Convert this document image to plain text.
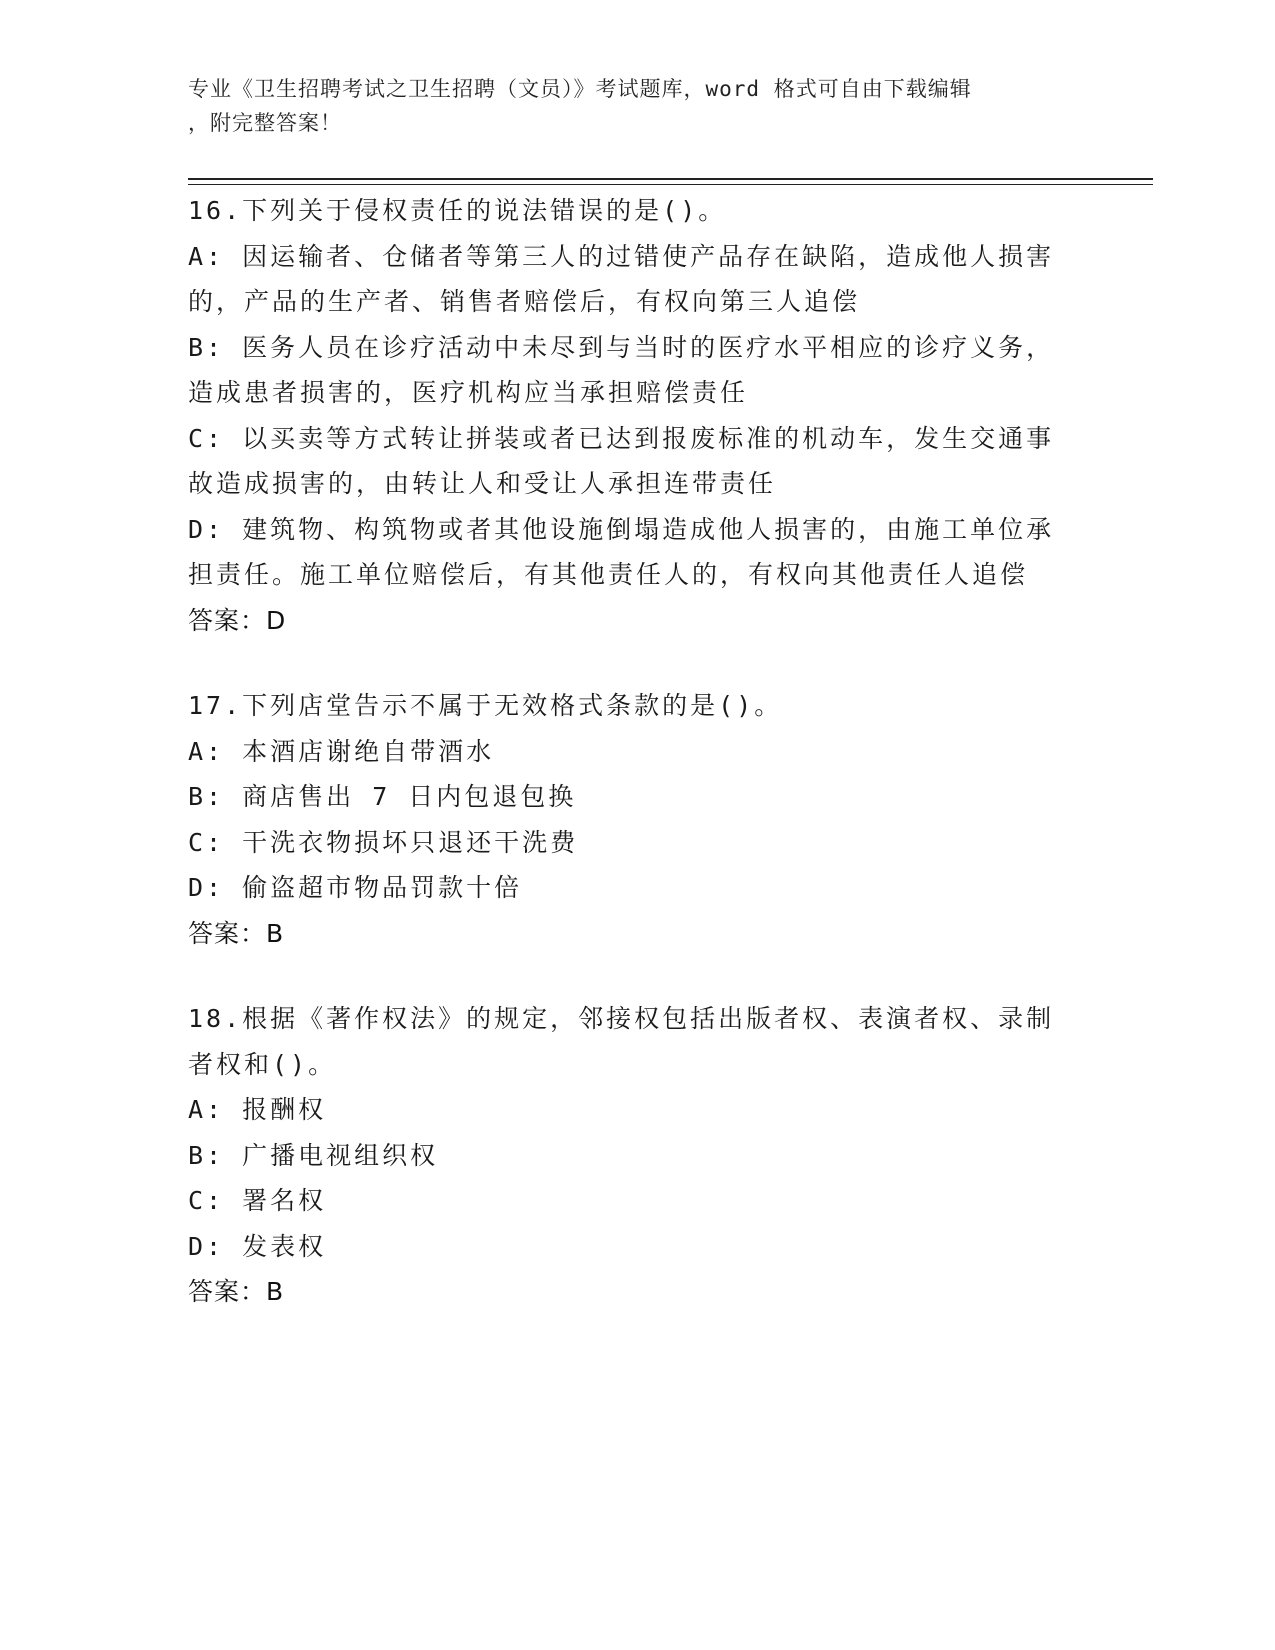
专业《卫生招聘考试之卫生招聘（文员）》考试题库，word 格式可自由下载编辑
，附完整答案！

16.下列关于侵权责任的说法错误的是()。

A: 因运输者、仓储者等第三人的过错使产品存在缺陷，造成他人损害的，产品的生产者、销售者赔偿后，有权向第三人追偿

B: 医务人员在诊疗活动中未尽到与当时的医疗水平相应的诊疗义务，造成患者损害的，医疗机构应当承担赔偿责任

C: 以买卖等方式转让拼装或者已达到报废标准的机动车，发生交通事故造成损害的，由转让人和受让人承担连带责任

D: 建筑物、构筑物或者其他设施倒塌造成他人损害的，由施工单位承担责任。施工单位赔偿后，有其他责任人的，有权向其他责任人追偿

答案：D

17.下列店堂告示不属于无效格式条款的是()。

A: 本酒店谢绝自带酒水

B: 商店售出 7 日内包退包换

C: 干洗衣物损坏只退还干洗费

D: 偷盗超市物品罚款十倍

答案：B

18.根据《著作权法》的规定，邻接权包括出版者权、表演者权、录制者权和()。

A: 报酬权

B: 广播电视组织权

C: 署名权

D: 发表权

答案：B
